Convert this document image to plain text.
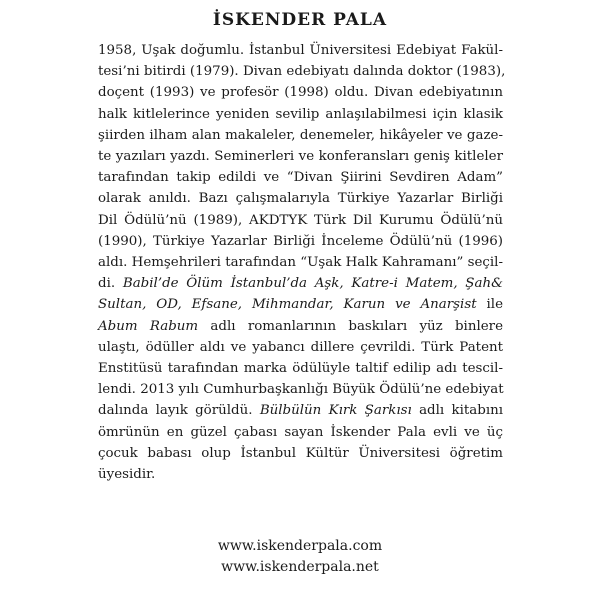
İSKENDER PALA
1958, Uşak doğumlu. İstanbul Üniversitesi Edebiyat Fakül-
tesi’ni bitirdi (1979). Divan edebiyatı dalında doktor (1983),
doçent (1993) ve profesör (1998) oldu. Divan edebiyatının
halk kitlelerince yeniden sevilip anlaşılabilmesi için klasik
şiirden ilham alan makaleler, denemeler, hikâyeler ve gaze-
te yazıları yazdı. Seminerleri ve konferansları geniş kitleler
tarafından takip edildi ve “Divan Şiirini Sevdiren Adam”
olarak anıldı. Bazı çalışmalarıyla Türkiye Yazarlar Birliği
Dil Ödülü’nü (1989), AKDTYK Türk Dil Kurumu Ödülü’nü
(1990), Türkiye Yazarlar Birliği İnceleme Ödülü’nü (1996)
aldı. Hemşehrileri tarafından “Uşak Halk Kahramanı” seçil-
di. Babil’de Ölüm İstanbul’da Aşk, Katre-i Matem, Şah&
Sultan, OD, Efsane, Mihmandar, Karun ve Anarşist ile
Abum Rabum adlı romanlarının baskıları yüz binlere
ulaştı, ödüller aldı ve yabancı dillere çevrildi. Türk Patent
Enstitüsü tarafından marka ödülüyle taltif edilip adı tescil-
lendi. 2013 yılı Cumhurbaşkanlığı Büyük Ödülü’ne edebiyat
dalında layık görüldü. Bülbülün Kırk Şarkısı adlı kitabını
ömrünün en güzel çabası sayan İskender Pala evli ve üç
çocuk babası olup İstanbul Kültür Üniversitesi öğretim
üyesidir.
www.iskenderpala.com
www.iskenderpala.net
